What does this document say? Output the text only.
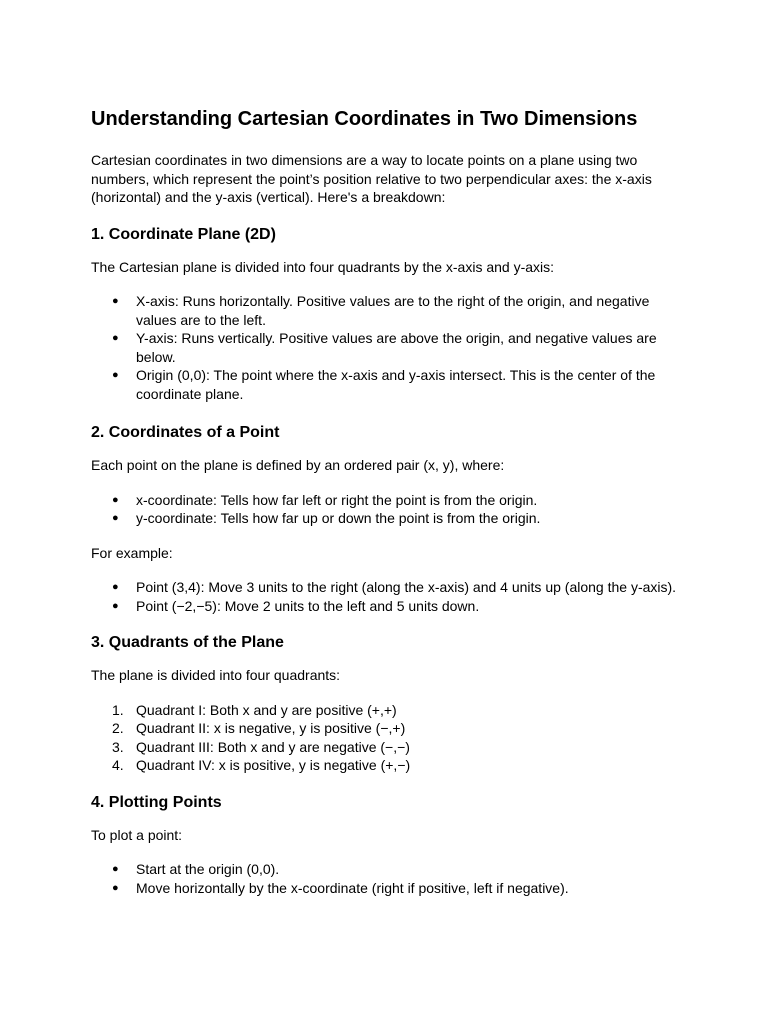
Understanding Cartesian Coordinates in Two Dimensions

Cartesian coordinates in two dimensions are a way to locate points on a plane using two numbers, which represent the point’s position relative to two perpendicular axes: the x-axis (horizontal) and the y-axis (vertical). Here's a breakdown:

1. Coordinate Plane (2D)

The Cartesian plane is divided into four quadrants by the x-axis and y-axis:

● X-axis: Runs horizontally. Positive values are to the right of the origin, and negative values are to the left.
● Y-axis: Runs vertically. Positive values are above the origin, and negative values are below.
● Origin (0,0): The point where the x-axis and y-axis intersect. This is the center of the coordinate plane.
2. Coordinates of a Point

Each point on the plane is defined by an ordered pair (x, y), where:

● x-coordinate: Tells how far left or right the point is from the origin.
● y-coordinate: Tells how far up or down the point is from the origin.

For example:

● Point (3,4): Move 3 units to the right (along the x-axis) and 4 units up (along the y-axis).
● Point (−2,−5): Move 2 units to the left and 5 units down.
3. Quadrants of the Plane

The plane is divided into four quadrants:

1. Quadrant I: Both x and y are positive (+,+)
2. Quadrant II: x is negative, y is positive (−,+)
3. Quadrant III: Both x and y are negative (−,−)
4. Quadrant IV: x is positive, y is negative (+,−)
4. Plotting Points

To plot a point:

● Start at the origin (0,0).
● Move horizontally by the x-coordinate (right if positive, left if negative).
